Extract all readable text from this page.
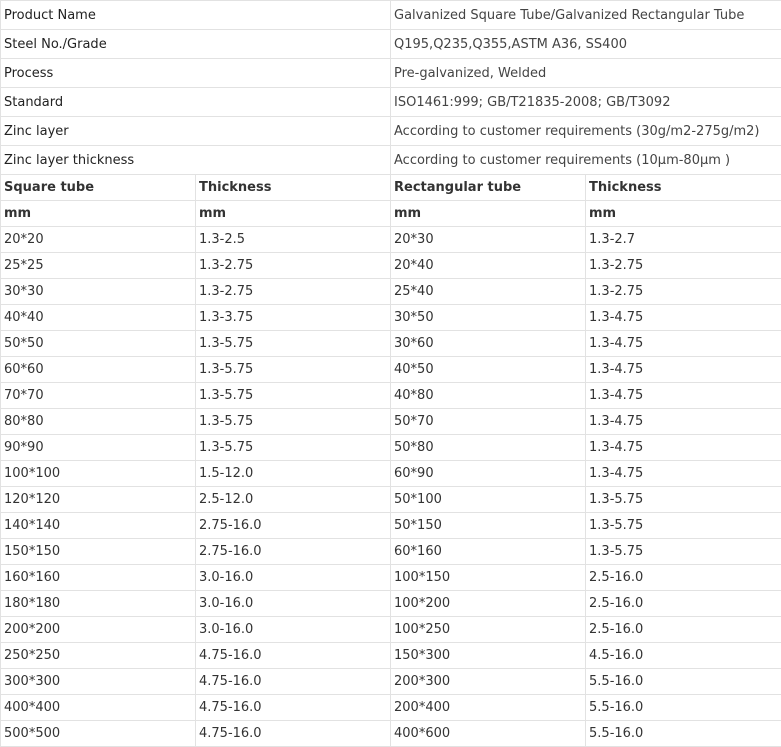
Product Name		Galvanized Square Tube/Galvanized Rectangular Tube	
Steel No./Grade		Q195,Q235,Q355,ASTM A36, SS400	
Process		Pre-galvanized, Welded	
Standard		ISO1461:999; GB/T21835-2008; GB/T3092	
Zinc layer		According to customer requirements (30g/m2-275g/m2)	
Zinc layer thickness		According to customer requirements (10μm-80μm )	
Square tube	Thickness	Rectangular tube	Thickness
mm	mm	mm	mm
20*20	1.3-2.5	20*30	1.3-2.7
25*25	1.3-2.75	20*40	1.3-2.75
30*30	1.3-2.75	25*40	1.3-2.75
40*40	1.3-3.75	30*50	1.3-4.75
50*50	1.3-5.75	30*60	1.3-4.75
60*60	1.3-5.75	40*50	1.3-4.75
70*70	1.3-5.75	40*80	1.3-4.75
80*80	1.3-5.75	50*70	1.3-4.75
90*90	1.3-5.75	50*80	1.3-4.75
100*100	1.5-12.0	60*90	1.3-4.75
120*120	2.5-12.0	50*100	1.3-5.75
140*140	2.75-16.0	50*150	1.3-5.75
150*150	2.75-16.0	60*160	1.3-5.75
160*160	3.0-16.0	100*150	2.5-16.0
180*180	3.0-16.0	100*200	2.5-16.0
200*200	3.0-16.0	100*250	2.5-16.0
250*250	4.75-16.0	150*300	4.5-16.0
300*300	4.75-16.0	200*300	5.5-16.0
400*400	4.75-16.0	200*400	5.5-16.0
500*500	4.75-16.0	400*600	5.5-16.0
